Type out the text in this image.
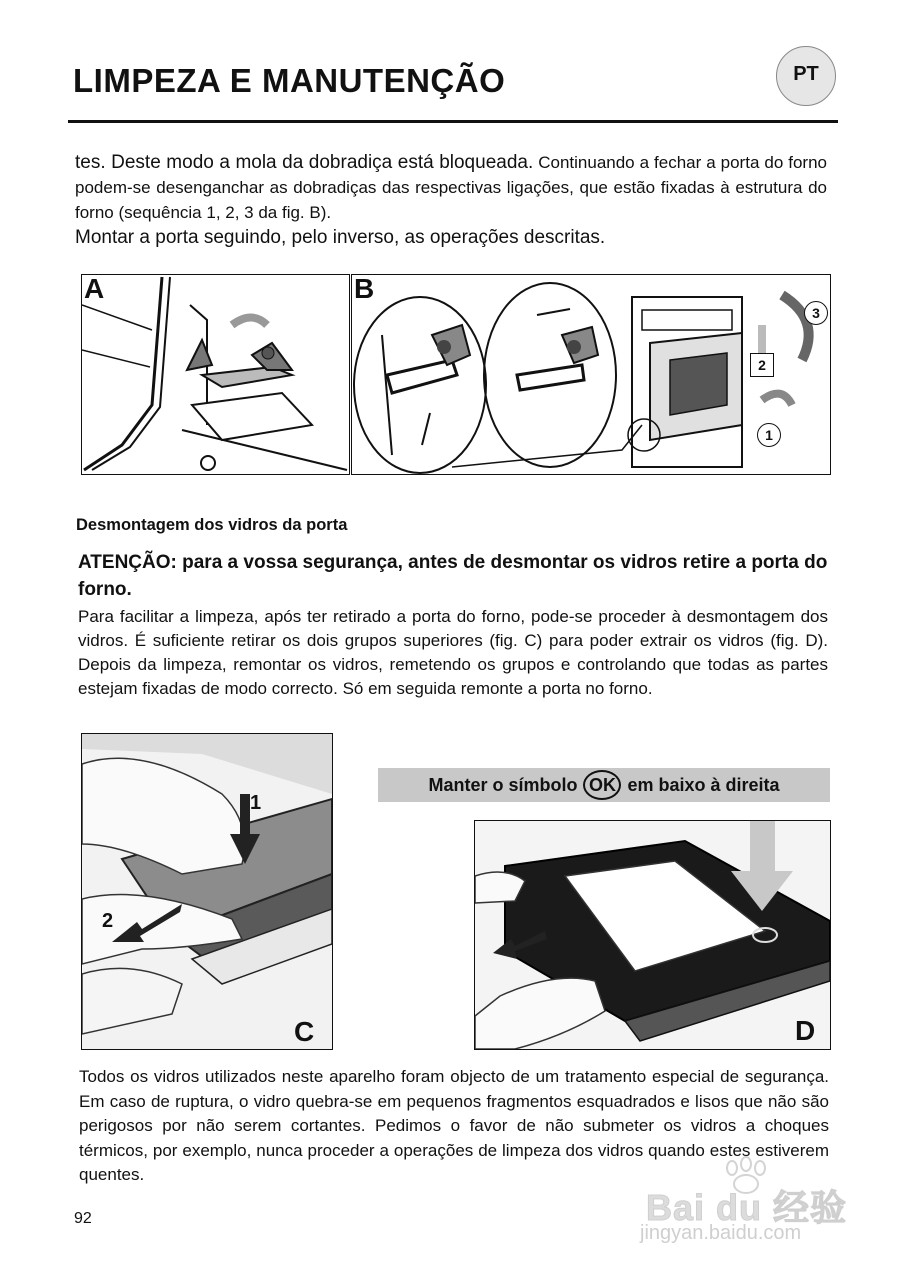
LIMPEZA E MANUTENÇÃO	PT
tes. Deste modo a mola da dobradiça está bloqueada. Continuando a fechar a porta do forno podem-se desenganchar as dobradiças das respectivas ligações, que estão fixadas à estrutura do forno (sequência 1, 2, 3 da fig. B).
Montar a porta seguindo, pelo inverso, as operações descritas.
A	B
1
2
3
Desmontagem dos vidros da porta
ATENÇÃO: para a vossa segurança, antes de desmontar os vidros retire a porta do forno.
Para facilitar a limpeza, após ter retirado a porta do forno, pode-se proceder à desmontagem dos vidros. É suficiente retirar os dois grupos superiores (fig. C) para poder extrair os vidros (fig. D). Depois da limpeza, remontar os vidros, remetendo os grupos e controlando que todas as partes estejam fixadas de modo correcto. Só em seguida remonte a porta no forno.
1
2
C
Manter o símbolo OK em baixo à direita
D
Todos os vidros utilizados neste aparelho foram objecto de um tratamento especial de segurança. Em caso de ruptura, o vidro quebra-se em pequenos fragmentos esquadrados e lisos que não são perigosos por não serem cortantes. Pedimos o favor de não submeter os vidros a choques térmicos, por exemplo, nunca proceder a operações de limpeza dos vidros quando estes estiverem quentes.
92	Bai du 经验
jingyan.baidu.com
